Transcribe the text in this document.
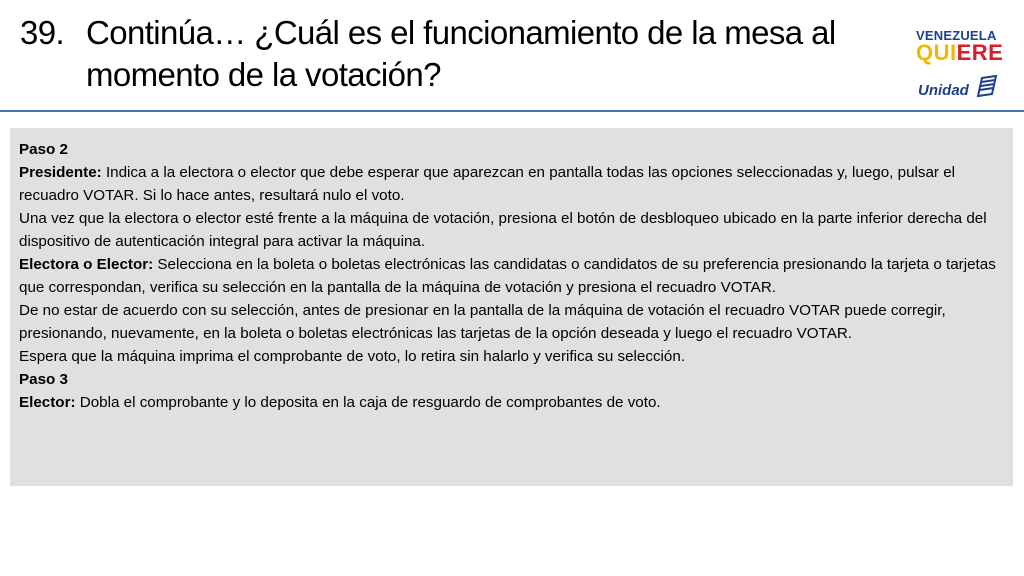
39. Continúa… ¿Cuál es el funcionamiento de la mesa al momento de la votación?
VENEZUELA
QUIERE
Unidad

Paso 2

Presidente: Indica a la electora o elector que debe esperar que aparezcan en pantalla todas las opciones seleccionadas y, luego, pulsar el recuadro VOTAR. Si lo hace antes, resultará nulo el voto.

Una vez que la electora o elector esté frente a la máquina de votación, presiona el botón de desbloqueo ubicado en la parte inferior derecha del dispositivo de autenticación integral para activar la máquina.

Electora o Elector: Selecciona en la boleta o boletas electrónicas las candidatas o candidatos de su preferencia presionando la tarjeta o tarjetas que correspondan, verifica su selección en la pantalla de la máquina de votación y presiona el recuadro VOTAR.

De no estar de acuerdo con su selección, antes de presionar en la pantalla de la máquina de votación el recuadro VOTAR puede corregir, presionando, nuevamente, en la boleta o boletas electrónicas las tarjetas de la opción deseada y luego el recuadro VOTAR.

Espera que la máquina imprima el comprobante de voto, lo retira sin halarlo y verifica su selección.

Paso 3

Elector: Dobla el comprobante y lo deposita en la caja de resguardo de comprobantes de voto.
